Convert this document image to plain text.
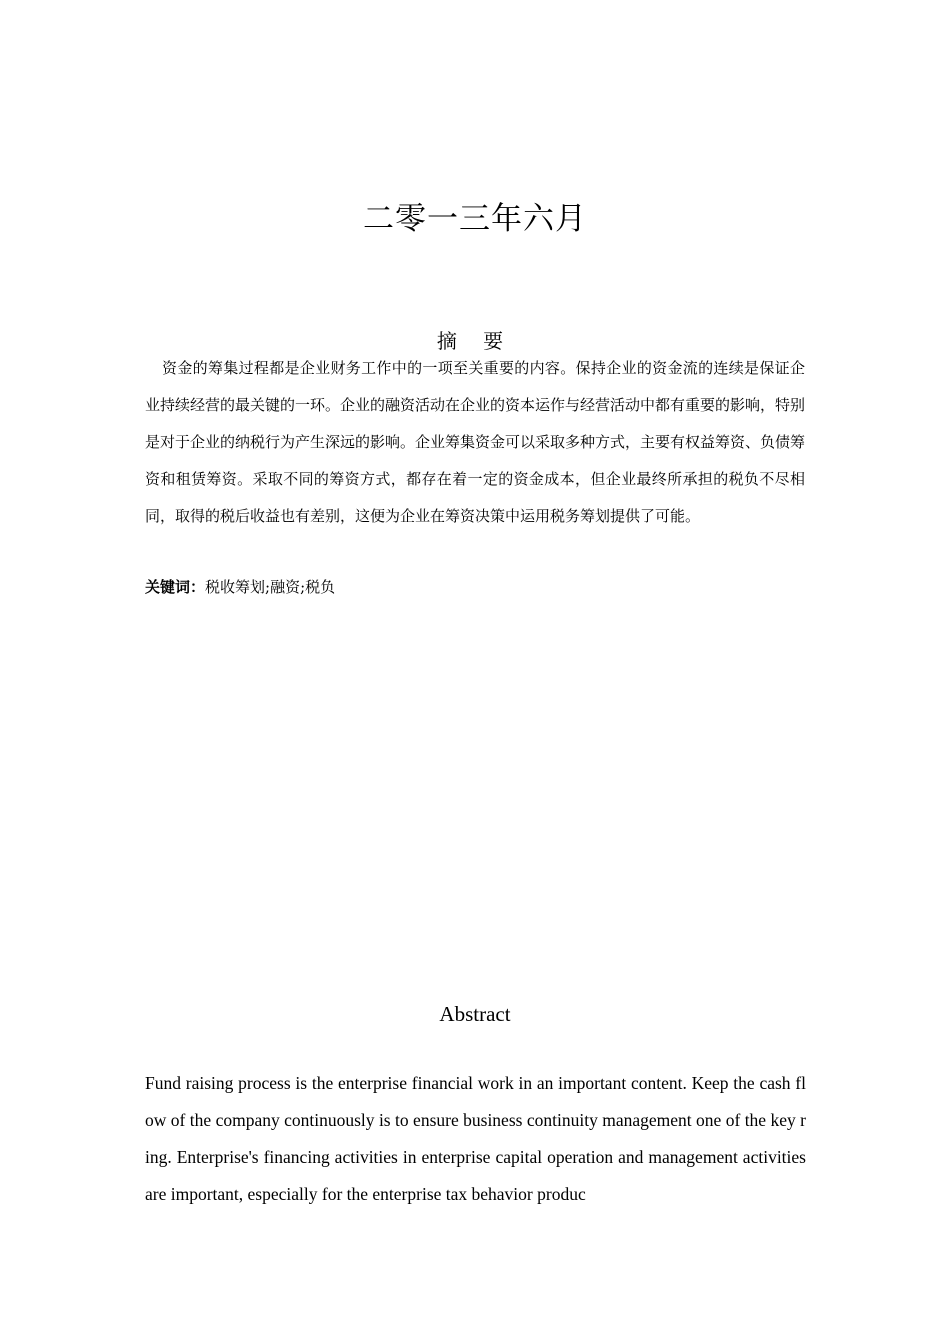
二零一三年六月
摘 要

资金的筹集过程都是企业财务工作中的一项至关重要的内容。保持企业的资金流的连续是保证企业持续经营的最关键的一环。企业的融资活动在企业的资本运作与经营活动中都有重要的影响，特别是对于企业的纳税行为产生深远的影响。企业筹集资金可以采取多种方式，主要有权益筹资、负债筹资和租赁筹资。采取不同的筹资方式，都存在着一定的资金成本，但企业最终所承担的税负不尽相同，取得的税后收益也有差别，这便为企业在筹资决策中运用税务筹划提供了可能。

关键词：税收筹划;融资;税负

Abstract

Fund raising process is the enterprise financial work in an important content. Keep the cash flow of the company continuously is to ensure business continuity management one of the key ring. Enterprise's financing activities in enterprise capital operation and management activities are important, especially for the enterprise tax behavior produc
